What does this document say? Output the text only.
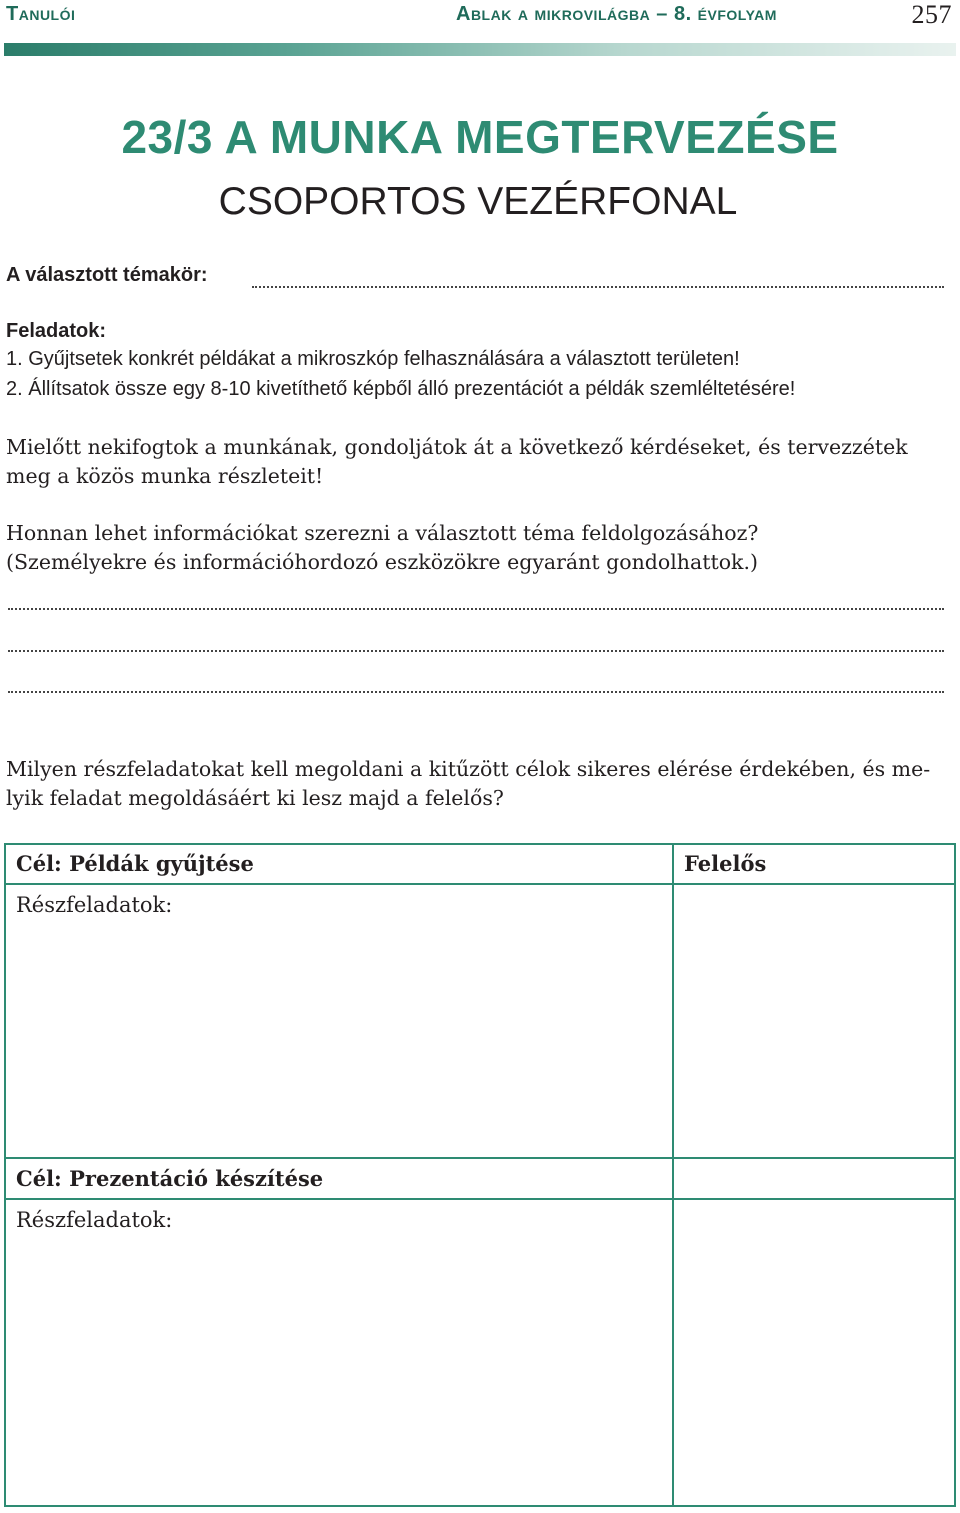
Tanulói	Ablak a mikrovilágba – 8. évfolyam	257
23/3 A MUNKA MEGTERVEZÉSE
CSOPORTOS VEZÉRFONAL
A választott témakör:
Feladatok:
1. Gyűjtsetek konkrét példákat a mikroszkóp felhasználására a választott területen!
2. Állítsatok össze egy 8-10 kivetíthető képből álló prezentációt a példák szemléltetésére!
Mielőtt nekifogtok a munkának, gondoljátok át a következő kérdéseket, és tervezzétek
meg a közös munka részleteit!
Honnan lehet információkat szerezni a választott téma feldolgozásához?
(Személyekre és információhordozó eszközökre egyaránt gondolhattok.)
Milyen részfeladatokat kell megoldani a kitűzött célok sikeres elérése érdekében, és me-
lyik feladat megoldásáért ki lesz majd a felelős?
Cél: Példák gyűjtése	Felelős
Részfeladatok:
Cél: Prezentáció készítése
Részfeladatok:
